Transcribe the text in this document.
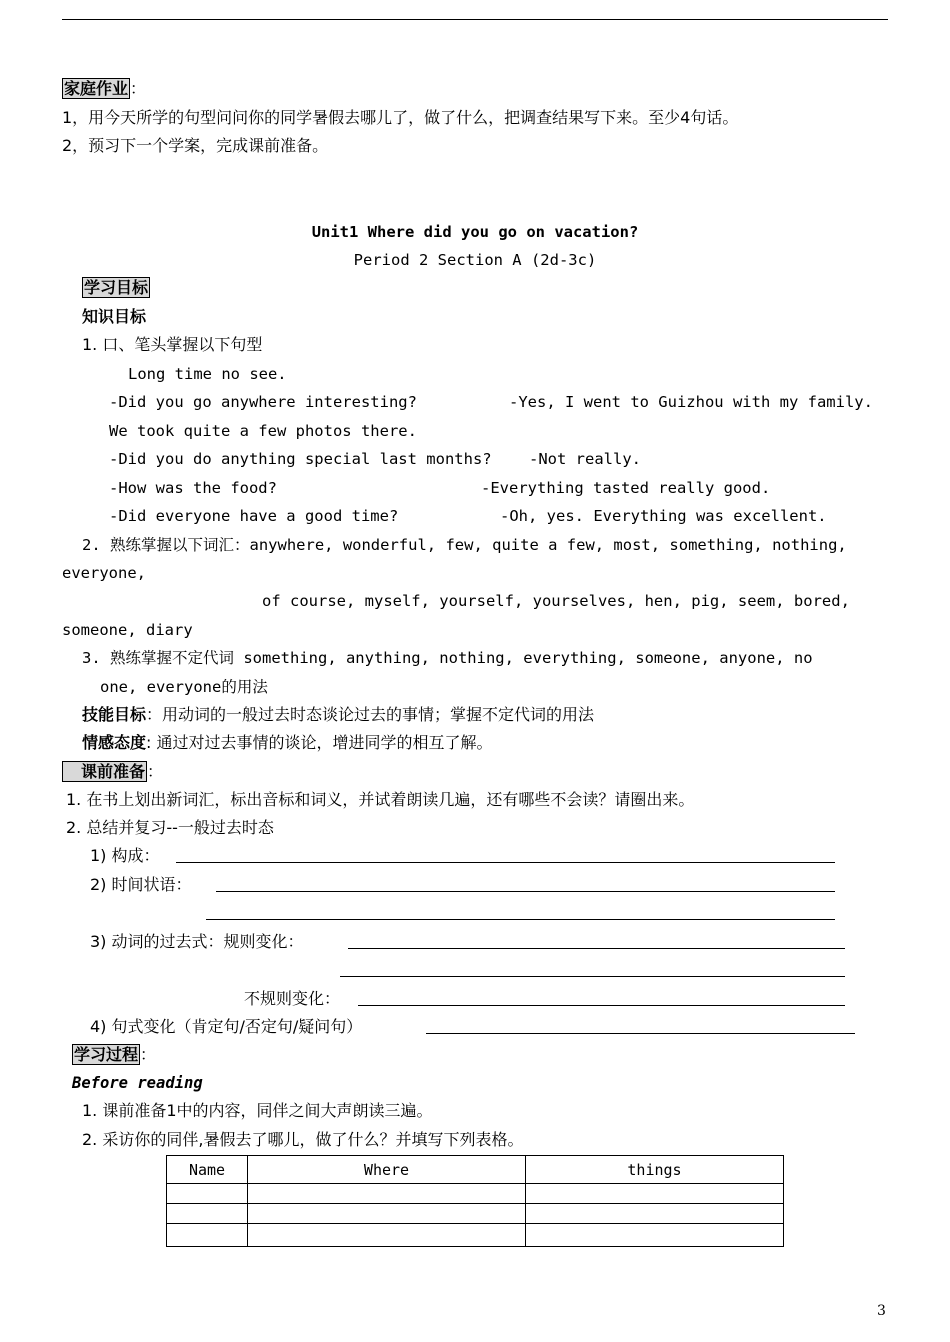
家庭作业 ：
1，用今天所学的句型问问你的同学暑假去哪儿了，做了什么，把调查结果写下来。至少4句话。
2，预习下一个学案，完成课前准备。
Unit1 Where did you go on vacation?
Period 2 Section A (2d-3c)
学习目标
知识目标
1. 口、笔头掌握以下句型
Long time no see.
-Did you go anywhere interesting?	-Yes, I went to Guizhou with my family.
We took quite a few photos there.
-Did you do anything special last months? -Not really.
-How was the food?	-Everything tasted really good.
-Did everyone have a good time?	-Oh, yes. Everything was excellent.
2. 熟练掌握以下词汇：anywhere, wonderful, few, quite a few, most, something, nothing,
everyone,
of course, myself, yourself, yourselves, hen, pig, seem, bored,
someone, diary
3. 熟练掌握不定代词 something, anything, nothing, everything, someone, anyone, no
one, everyone的用法
技能目标：用动词的一般过去时态谈论过去的事情；掌握不定代词的用法
情感态度: 通过对过去事情的谈论，增进同学的相互了解。
课前准备 ：
1. 在书上划出新词汇，标出音标和词义，并试着朗读几遍，还有哪些不会读？请圈出来。
2. 总结并复习--一般过去时态
1) 构成：
2) 时间状语：
3) 动词的过去式：规则变化：
不规则变化：
4) 句式变化（肯定句/否定句/疑问句）
学习过程 ：
Before reading
1. 课前准备1中的内容，同伴之间大声朗读三遍。
2. 采访你的同伴,暑假去了哪儿，做了什么？并填写下列表格。
Name	Where	things

3
